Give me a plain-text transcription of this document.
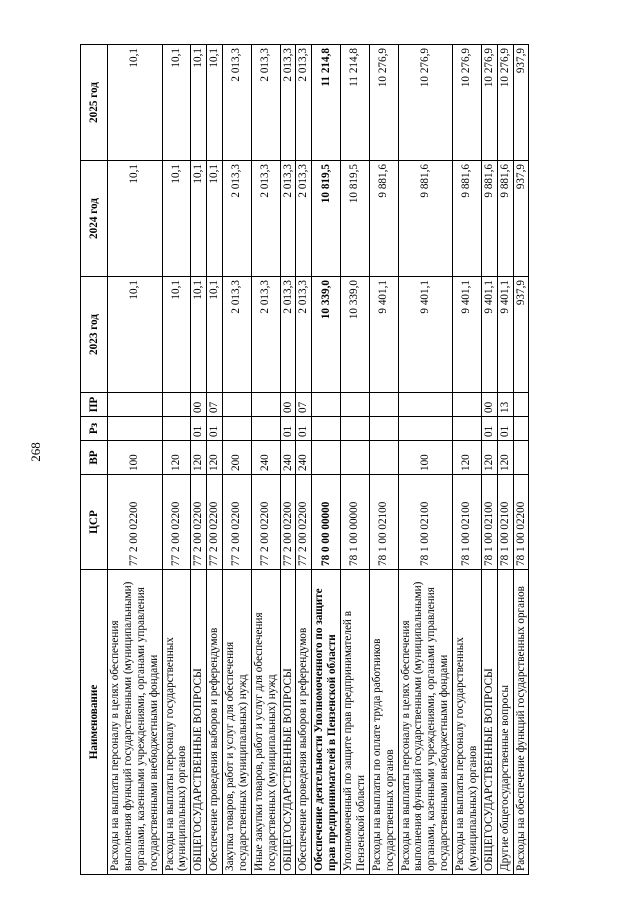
268
Наименование	ЦСР	ВР	Рз	ПР	2023 год	2024 год	2025 год
Расходы на выплаты персоналу в целях обеспечения выполнения функций государственными (муниципальными) органами, казенными учреждениями, органами управления государственными внебюджетными фондами	77 2 00 02200	100			10,1	10,1	10,1
Расходы на выплаты персоналу государственных (муниципальных) органов	77 2 00 02200	120			10,1	10,1	10,1
ОБЩЕГОСУДАРСТВЕННЫЕ ВОПРОСЫ	77 2 00 02200	120	01	00	10,1	10,1	10,1
Обеспечение проведения выборов и референдумов	77 2 00 02200	120	01	07	10,1	10,1	10,1
Закупка товаров, работ и услуг для обеспечения государственных (муниципальных) нужд	77 2 00 02200	200			2 013,3	2 013,3	2 013,3
Иные закупки товаров, работ и услуг для обеспечения государственных (муниципальных) нужд	77 2 00 02200	240			2 013,3	2 013,3	2 013,3
ОБЩЕГОСУДАРСТВЕННЫЕ ВОПРОСЫ	77 2 00 02200	240	01	00	2 013,3	2 013,3	2 013,3
Обеспечение проведения выборов и референдумов	77 2 00 02200	240	01	07	2 013,3	2 013,3	2 013,3
Обеспечение деятельности Уполномоченного по защите прав предпринимателей в Пензенской области	78 0 00 00000				10 339,0	10 819,5	11 214,8
Уполномоченный по защите прав предпринимателей в Пензенской области	78 1 00 00000				10 339,0	10 819,5	11 214,8
Расходы на выплаты по оплате труда работников государственных органов	78 1 00 02100				9 401,1	9 881,6	10 276,9
Расходы на выплаты персоналу в целях обеспечения выполнения функций государственными (муниципальными) органами, казенными учреждениями, органами управления государственными внебюджетными фондами	78 1 00 02100	100			9 401,1	9 881,6	10 276,9
Расходы на выплаты персоналу государственных (муниципальных) органов	78 1 00 02100	120			9 401,1	9 881,6	10 276,9
ОБЩЕГОСУДАРСТВЕННЫЕ ВОПРОСЫ	78 1 00 02100	120	01	00	9 401,1	9 881,6	10 276,9
Другие общегосударственные вопросы	78 1 00 02100	120	01	13	9 401,1	9 881,6	10 276,9
Расходы на обеспечение функций государственных органов	78 1 00 02200				937,9	937,9	937,9
